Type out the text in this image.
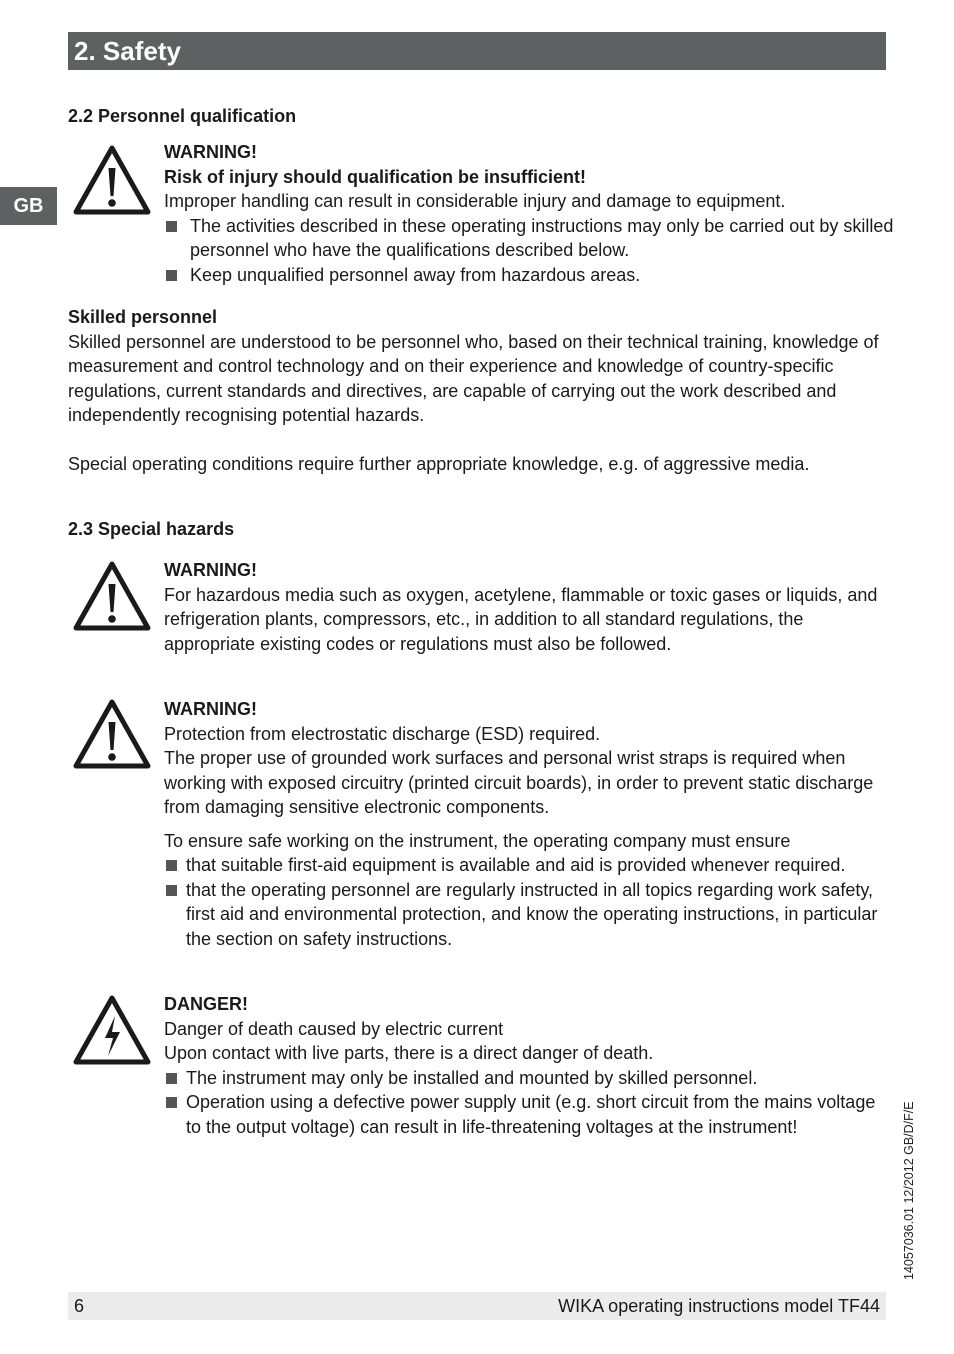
2. Safety
GB
14057036.01 12/2012 GB/D/F/E
2.2 Personnel qualification

WARNING!

Risk of injury should qualification be insufficient!

Improper handling can result in considerable injury and damage to equipment.

The activities described in these operating instructions may only be carried out by skilled personnel who have the qualifications described below.
Keep unqualified personnel away from hazardous areas.

Skilled personnel

Skilled personnel are understood to be personnel who, based on their technical training, knowledge of measurement and control technology and on their experience and knowledge of country-specific regulations, current standards and directives, are capable of carrying out the work described and independently recognising potential hazards.

Special operating conditions require further appropriate knowledge, e.g. of aggressive media.

2.3 Special hazards

WARNING!

For hazardous media such as oxygen, acetylene, flammable or toxic gases or liquids, and refrigeration plants, compressors, etc., in addition to all standard regulations, the appropriate existing codes or regulations must also be followed.

WARNING!

Protection from electrostatic discharge (ESD) required.

The proper use of grounded work surfaces and personal wrist straps is required when working with exposed circuitry (printed circuit boards), in order to prevent static discharge from damaging sensitive electronic components.

To ensure safe working on the instrument, the operating company must ensure

that suitable first-aid equipment is available and aid is provided whenever required.
that the operating personnel are regularly instructed in all topics regarding work safety, first aid and environmental protection, and know the operating instructions, in particular the section on safety instructions.

DANGER!

Danger of death caused by electric current

Upon contact with live parts, there is a direct danger of death.

The instrument may only be installed and mounted by skilled personnel.
Operation using a defective power supply unit (e.g. short circuit from the mains voltage to the output voltage) can result in life-threatening voltages at the instrument!
6	WIKA operating instructions model TF44
